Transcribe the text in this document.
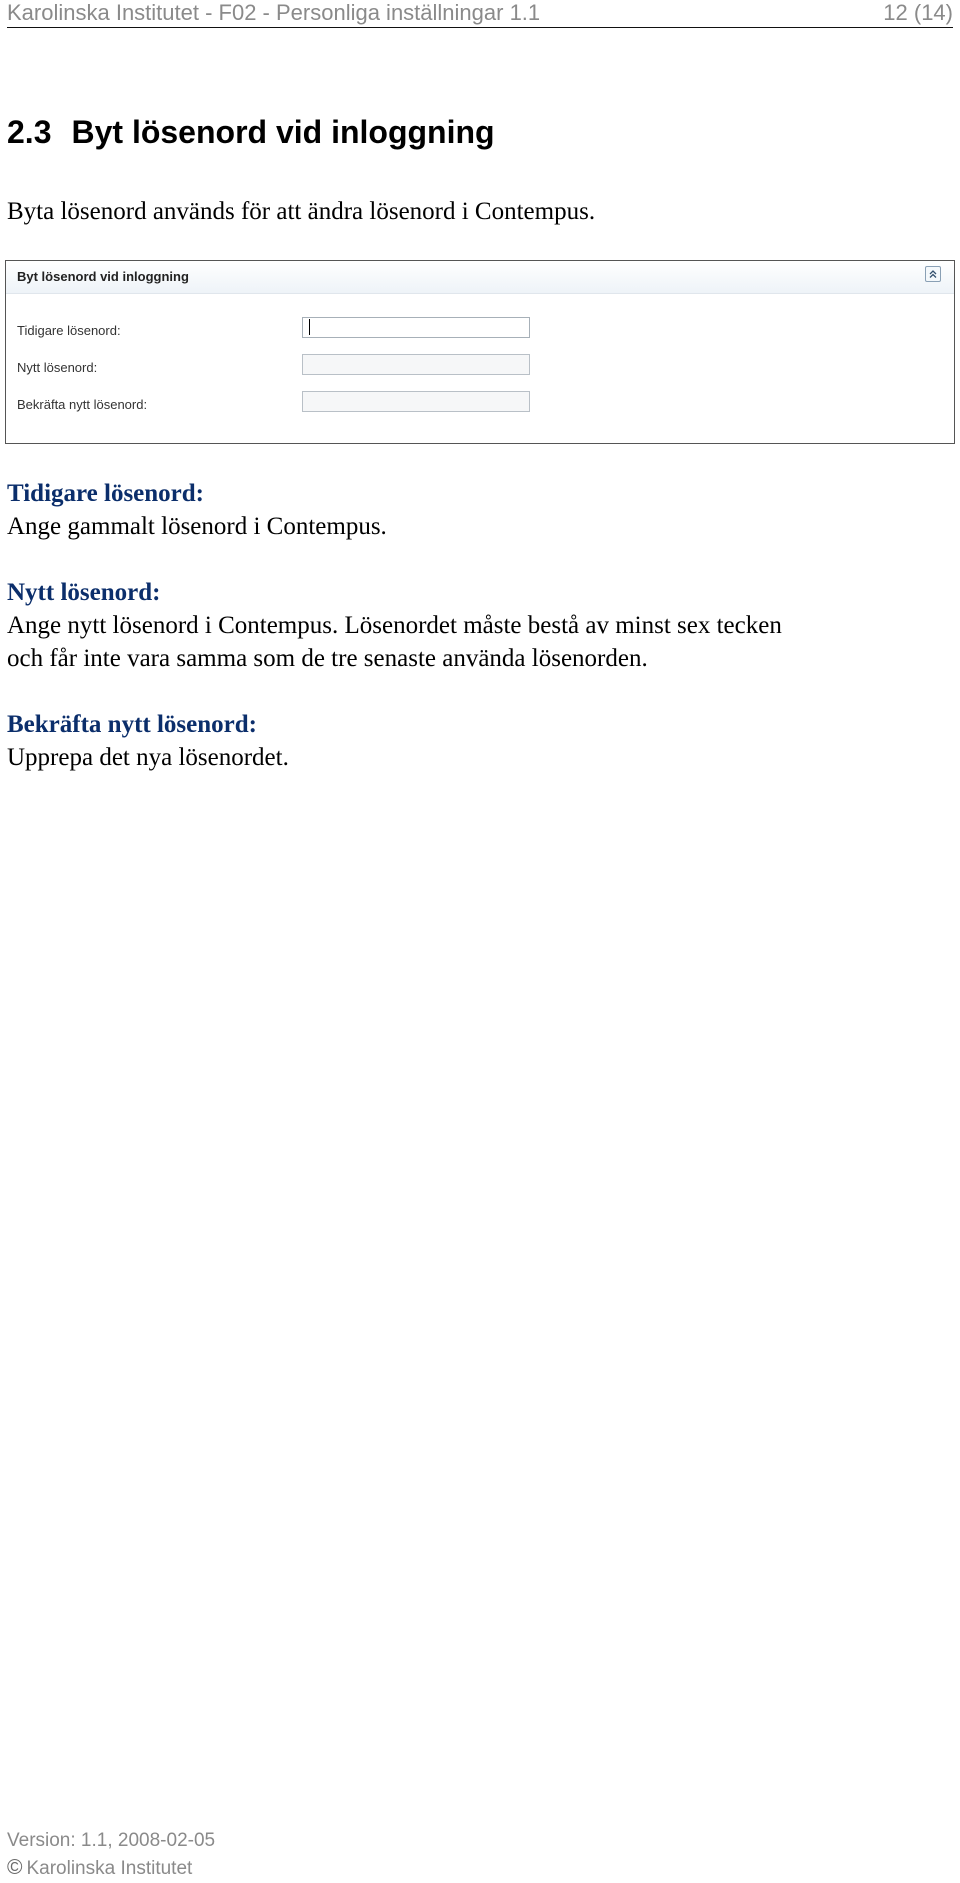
Karolinska Institutet - F02 - Personliga inställningar 1.1	12 (14)
2.3 Byt lösenord vid inloggning

Byta lösenord används för att ändra lösenord i Contempus.

Byt lösenord vid inloggning
Tidigare lösenord:
Nytt lösenord:
Bekräfta nytt lösenord:
Tidigare lösenord:
Ange gammalt lösenord i Contempus.
Nytt lösenord:
Ange nytt lösenord i Contempus. Lösenordet måste bestå av minst sex tecken
och får inte vara samma som de tre senaste använda lösenorden.
Bekräfta nytt lösenord:
Upprepa det nya lösenordet.
Version: 1.1, 2008-02-05
© Karolinska Institutet
